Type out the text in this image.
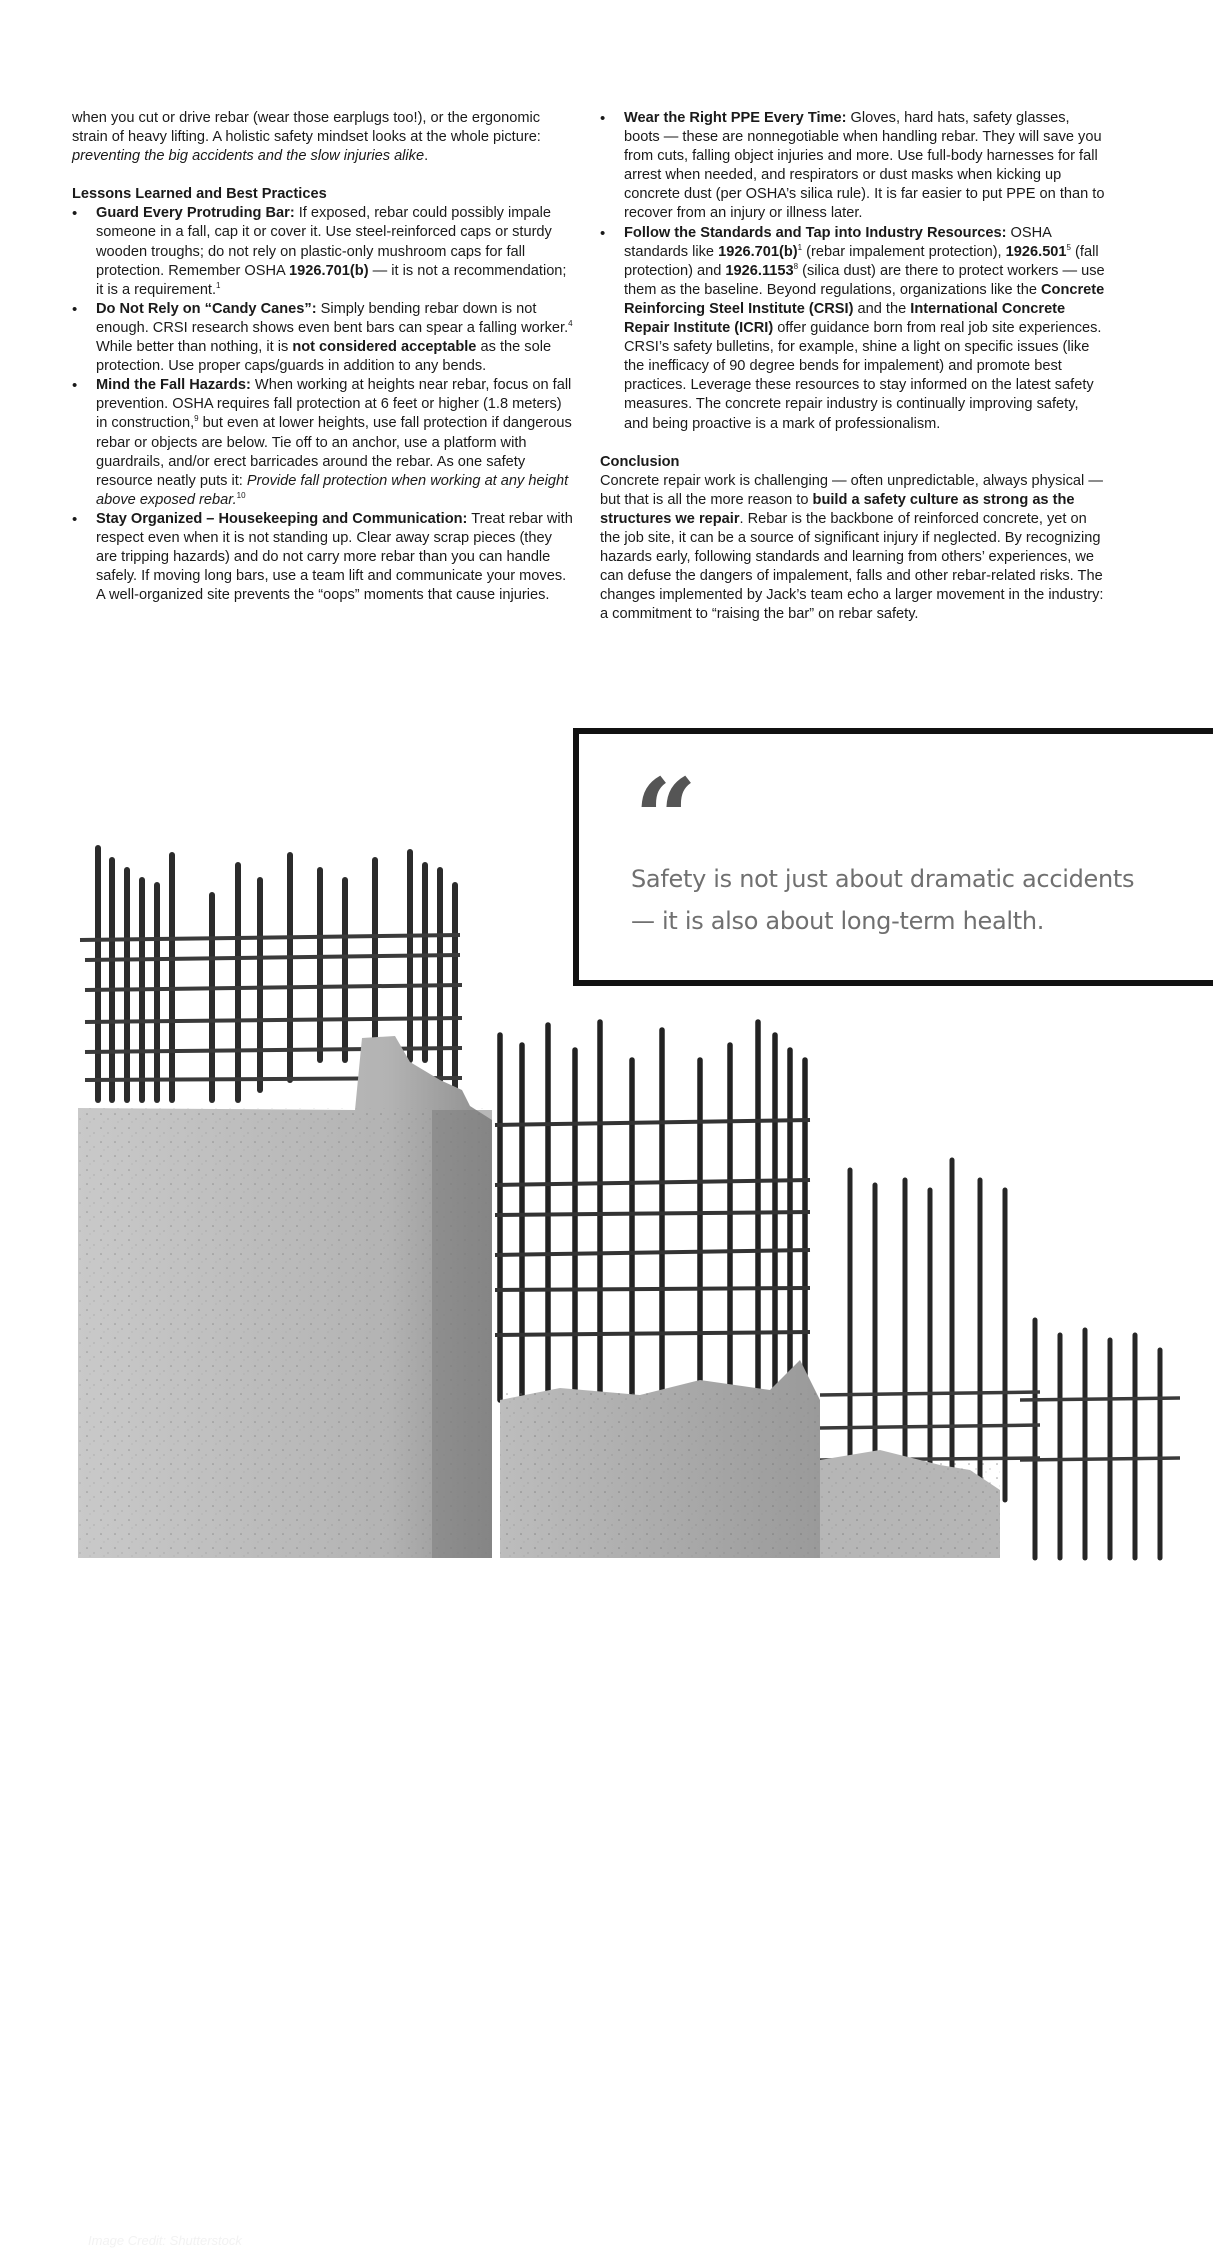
when you cut or drive rebar (wear those earplugs too!), or the ergonomic strain of heavy lifting. A holistic safety mindset looks at the whole picture: preventing the big accidents and the slow injuries alike.

Lessons Learned and Best Practices

• Guard Every Protruding Bar: If exposed, rebar could possibly impale someone in a fall, cap it or cover it. Use steel-reinforced caps or sturdy wooden troughs; do not rely on plastic-only mushroom caps for fall protection. Remember OSHA 1926.701(b) — it is not a recommendation; it is a requirement.$^1$
• Do Not Rely on “Candy Canes”: Simply bending rebar down is not enough. CRSI research shows even bent bars can spear a falling worker.$^4$ While better than nothing, it is not considered acceptable as the sole protection. Use proper caps/guards in addition to any bends.
• Mind the Fall Hazards: When working at heights near rebar, focus on fall prevention. OSHA requires fall protection at 6 feet or higher (1.8 meters) in construction,$^9$ but even at lower heights, use fall protection if dangerous rebar or objects are below. Tie off to an anchor, use a platform with guardrails, and/or erect barricades around the rebar. As one safety resource neatly puts it: Provide fall protection when working at any height above exposed rebar.$^{10}$
• Stay Organized – Housekeeping and Communication: Treat rebar with respect even when it is not standing up. Clear away scrap pieces (they are tripping hazards) and do not carry more rebar than you can handle safely. If moving long bars, use a team lift and communicate your moves. A well-organized site prevents the “oops” moments that cause injuries.
• Wear the Right PPE Every Time: Gloves, hard hats, safety glasses, boots — these are nonnegotiable when handling rebar. They will save you from cuts, falling object injuries and more. Use full-body harnesses for fall arrest when needed, and respirators or dust masks when kicking up concrete dust (per OSHA’s silica rule). It is far easier to put PPE on than to recover from an injury or illness later.
• Follow the Standards and Tap into Industry Resources: OSHA standards like $1926.701(b)^1$ (rebar impalement protection), 1926.501$^5$ (fall protection) and 1926.1153$^8$ (silica dust) are there to protect workers — use them as the baseline. Beyond regulations, organizations like the Concrete Reinforcing Steel Institute (CRSI) and the International Concrete Repair Institute (ICRI) offer guidance born from real job site experiences. CRSI’s safety bulletins, for example, shine a light on specific issues (like the inefficacy of 90 degree bends for impalement) and promote best practices. Leverage these resources to stay informed on the latest safety measures. The concrete repair industry is continually improving safety, and being proactive is a mark of professionalism.

Conclusion

Concrete repair work is challenging — often unpredictable, always physical — but that is all the more reason to build a safety culture as strong as the structures we repair. Rebar is the backbone of reinforced concrete, yet on the job site, it can be a source of significant injury if neglected. By recognizing hazards early, following standards and learning from others’ experiences, we can defuse the dangers of impalement, falls and other rebar-related risks. The changes implemented by Jack’s team echo a larger movement in the industry: a commitment to “raising the bar” on rebar safety.

Image Credit: Shutterstock
“
Safety is not just about dramatic accidents — it is also about long-term health.
